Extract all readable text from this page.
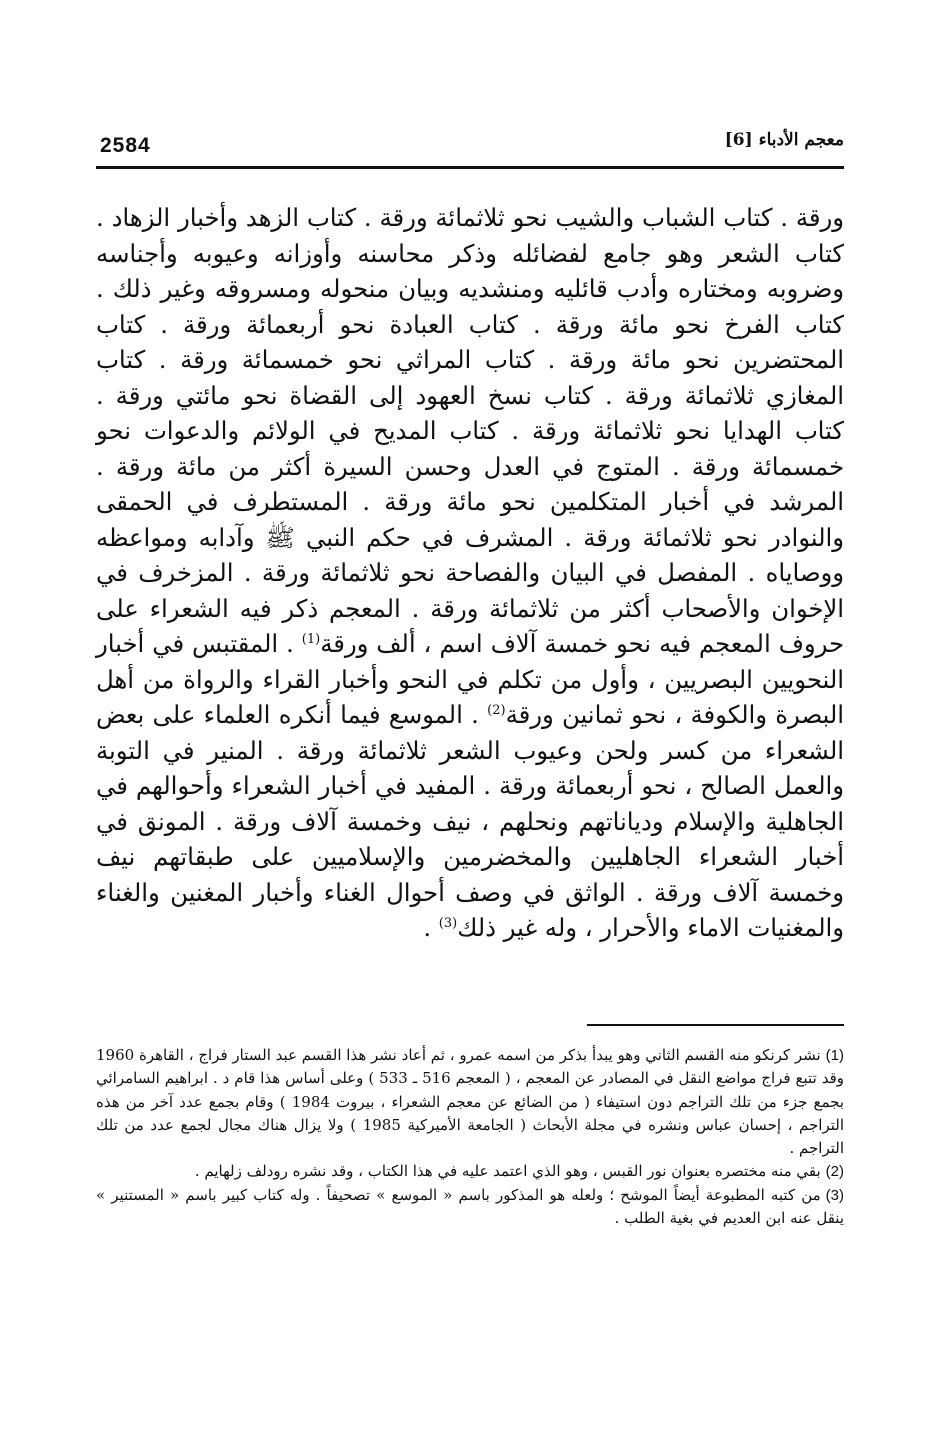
2584	معجم الأدباء [6]

ورقة . كتاب الشباب والشيب نحو ثلاثمائة ورقة . كتاب الزهد وأخبار الزهاد . كتاب الشعر وهو جامع لفضائله وذكر محاسنه وأوزانه وعيوبه وأجناسه وضروبه ومختاره وأدب قائليه ومنشديه وبيان منحوله ومسروقه وغير ذلك . كتاب الفرخ نحو مائة ورقة . كتاب العبادة نحو أربعمائة ورقة . كتاب المحتضرين نحو مائة ورقة . كتاب المراثي نحو خمسمائة ورقة . كتاب المغازي ثلاثمائة ورقة . كتاب نسخ العهود إلى القضاة نحو مائتي ورقة . كتاب الهدايا نحو ثلاثمائة ورقة . كتاب المديح في الولائم والدعوات نحو خمسمائة ورقة . المتوج في العدل وحسن السيرة أكثر من مائة ورقة . المرشد في أخبار المتكلمين نحو مائة ورقة . المستطرف في الحمقى والنوادر نحو ثلاثمائة ورقة . المشرف في حكم النبي ﷺ وآدابه ومواعظه ووصاياه . المفصل في البيان والفصاحة نحو ثلاثمائة ورقة . المزخرف في الإخوان والأصحاب أكثر من ثلاثمائة ورقة . المعجم ذكر فيه الشعراء على حروف المعجم فيه نحو خمسة آلاف اسم ، ألف ورقة$^{(1)}$ . المقتبس في أخبار النحويين البصريين ، وأول من تكلم في النحو وأخبار القراء والرواة من أهل البصرة والكوفة ، نحو ثمانين ورقة$^{(2)}$ . الموسع فيما أنكره العلماء على بعض الشعراء من كسر ولحن وعيوب الشعر ثلاثمائة ورقة . المنير في التوبة والعمل الصالح ، نحو أربعمائة ورقة . المفيد في أخبار الشعراء وأحوالهم في الجاهلية والإسلام ودياناتهم ونحلهم ، نيف وخمسة آلاف ورقة . المونق في أخبار الشعراء الجاهليين والمخضرمين والإسلاميين على طبقاتهم نيف وخمسة آلاف ورقة . الواثق في وصف أحوال الغناء وأخبار المغنين والغناء والمغنيات الاماء والأحرار ، وله غير ذلك$^{(3)}$ .

(1)نشر كرنكو منه القسم الثاني وهو يبدأ بذكر من اسمه عمرو ، ثم أعاد نشر هذا القسم عبد الستار فراج ، القاهرة 1960 وقد تتبع فراج مواضع النقل في المصادر عن المعجم ، ( المعجم 516 ـ 533 ) وعلى أساس هذا قام د . ابراهيم السامرائي بجمع جزء من تلك التراجم دون استيفاء ( من الضائع عن معجم الشعراء ، بيروت 1984 ) وقام بجمع عدد آخر من هذه التراجم ، إحسان عباس ونشره في مجلة الأبحاث ( الجامعة الأميركية 1985 ) ولا يزال هناك مجال لجمع عدد من تلك التراجم .

(2)بقي منه مختصره بعنوان نور القبس ، وهو الذي اعتمد عليه في هذا الكتاب ، وقد نشره رودلف زلهايم .

(3)من كتبه المطبوعة أيضاً الموشح ؛ ولعله هو المذكور باسم « الموسع » تصحيفاً . وله كتاب كبير باسم « المستنير » ينقل عنه ابن العديم في بغية الطلب .
